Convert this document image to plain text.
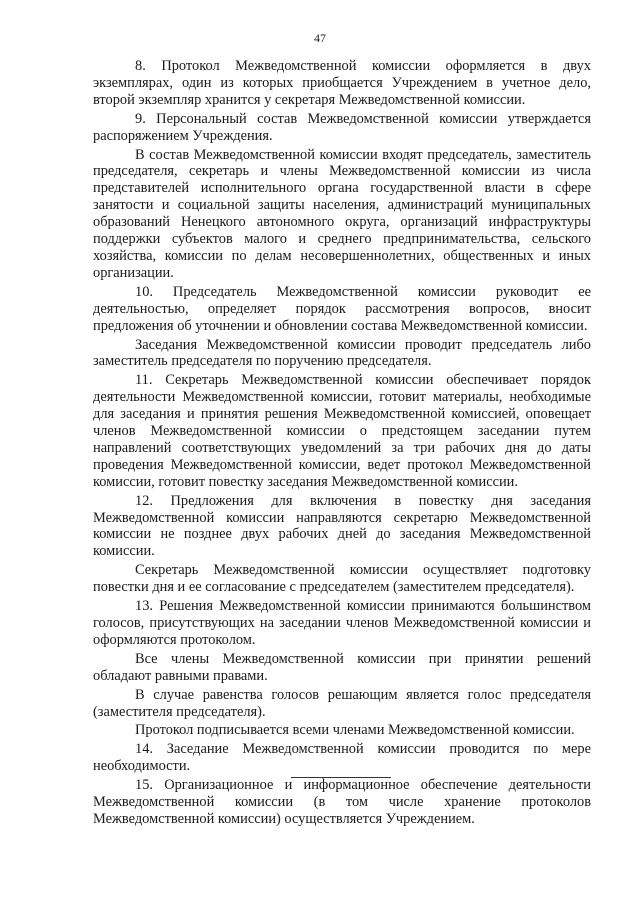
47

8. Протокол Межведомственной комиссии оформляется в двух экземплярах, один из которых приобщается Учреждением в учетное дело, второй экземпляр хранится у секретаря Межведомственной комиссии.

9. Персональный состав Межведомственной комиссии утверждается распоряжением Учреждения.

В состав Межведомственной комиссии входят председатель, заместитель председателя, секретарь и члены Межведомственной комиссии из числа представителей исполнительного органа государственной власти в сфере занятости и социальной защиты населения, администраций муниципальных образований Ненецкого автономного округа, организаций инфраструктуры поддержки субъектов малого и среднего предпринимательства, сельского хозяйства, комиссии по делам несовершеннолетних, общественных и иных организации.

10. Председатель Межведомственной комиссии руководит ее деятельностью, определяет порядок рассмотрения вопросов, вносит предложения об уточнении и обновлении состава Межведомственной комиссии.

Заседания Межведомственной комиссии проводит председатель либо заместитель председателя по поручению председателя.

11. Секретарь Межведомственной комиссии обеспечивает порядок деятельности Межведомственной комиссии, готовит материалы, необходимые для заседания и принятия решения Межведомственной комиссией, оповещает членов Межведомственной комиссии о предстоящем заседании путем направлений соответствующих уведомлений за три рабочих дня до даты проведения Межведомственной комиссии, ведет протокол Межведомственной комиссии, готовит повестку заседания Межведомственной комиссии.

12. Предложения для включения в повестку дня заседания Межведомственной комиссии направляются секретарю Межведомственной комиссии не позднее двух рабочих дней до заседания Межведомственной комиссии.

Секретарь Межведомственной комиссии осуществляет подготовку повестки дня и ее согласование с председателем (заместителем председателя).

13. Решения Межведомственной комиссии принимаются большинством голосов, присутствующих на заседании членов Межведомственной комиссии и оформляются протоколом.

Все члены Межведомственной комиссии при принятии решений обладают равными правами.

В случае равенства голосов решающим является голос председателя (заместителя председателя).

Протокол подписывается всеми членами Межведомственной комиссии.

14. Заседание Межведомственной комиссии проводится по мере необходимости.

15. Организационное и информационное обеспечение деятельности Межведомственной комиссии (в том числе хранение протоколов Межведомственной комиссии) осуществляется Учреждением.
